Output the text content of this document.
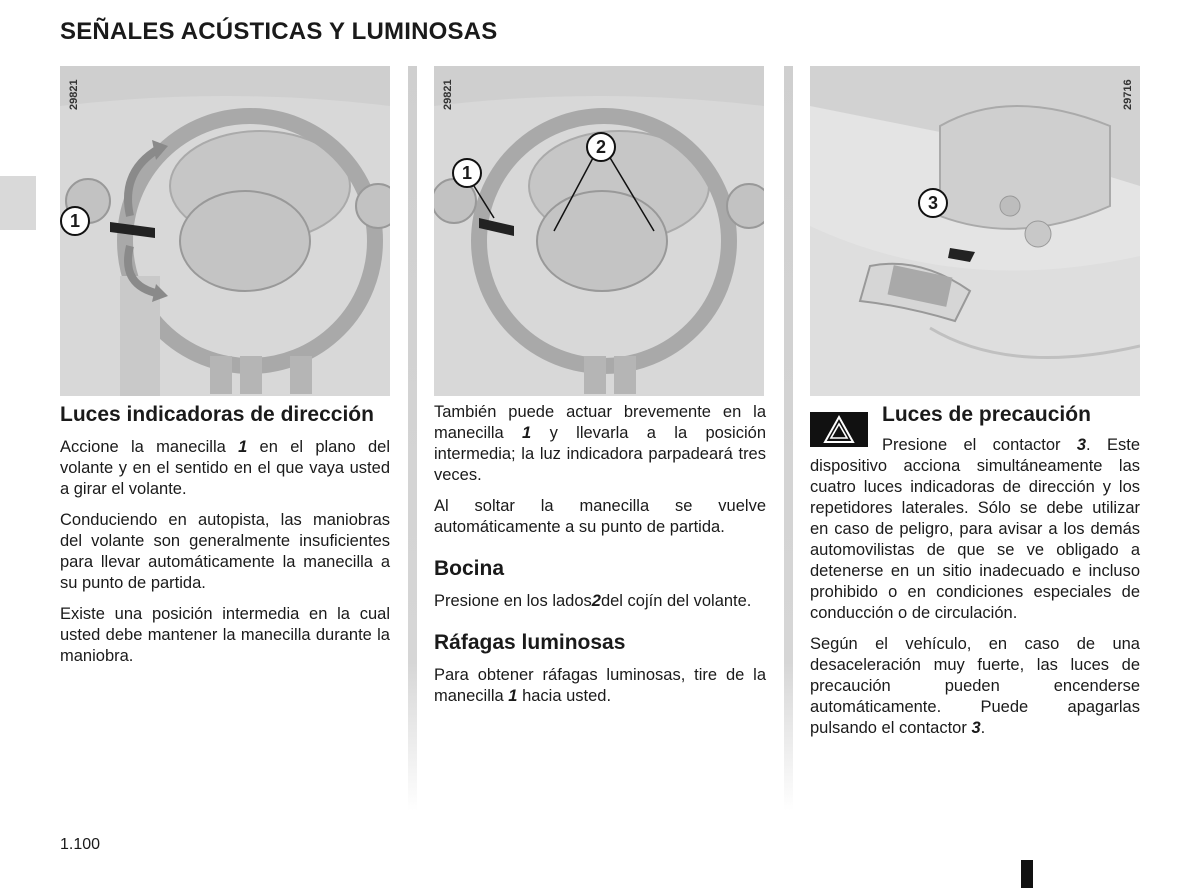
SEÑALES ACÚSTICAS Y LUMINOSAS
29821
1
29821
1
2
29716
3
Luces indicadoras de dirección

Accione la manecilla 1 en el plano del volante y en el sentido en el que vaya usted a girar el volante.

Conduciendo en autopista, las maniobras del volante son generalmente insuficientes para llevar automáticamente la manecilla a su punto de partida.

Existe una posición intermedia en la cual usted debe mantener la manecilla durante la maniobra.

También puede actuar brevemente en la manecilla 1 y llevarla a la posición intermedia; la luz indicadora parpadeará tres veces.

Al soltar la manecilla se vuelve automáticamente a su punto de partida.

Bocina

Presione en los lados2del cojín del volante.

Ráfagas luminosas

Para obtener ráfagas luminosas, tire de la manecilla 1 hacia usted.

Luces de precaución

Presione el contactor 3. Este dispositivo acciona simultáneamente las cuatro luces indicadoras de dirección y los repetidores laterales. Sólo se debe utilizar en caso de peligro, para avisar a los demás automovilistas de que se ve obligado a detenerse en un sitio inadecuado e incluso prohibido o en condiciones especiales de conducción o de circulación.

Según el vehículo, en caso de una desaceleración muy fuerte, las luces de precaución pueden encenderse automáticamente. Puede apagarlas pulsando el contactor 3.

1.100
